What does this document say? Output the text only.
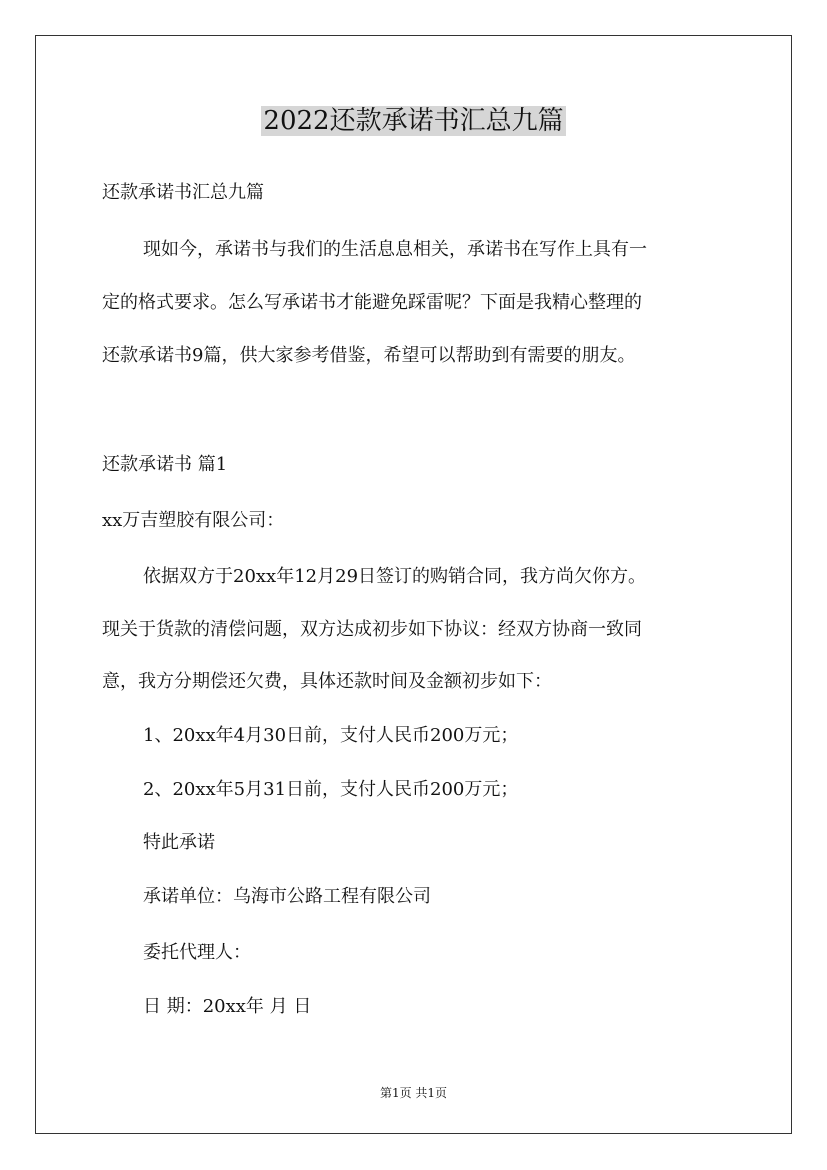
2022还款承诺书汇总九篇
还款承诺书汇总九篇
现如今，承诺书与我们的生活息息相关，承诺书在写作上具有一
定的格式要求。怎么写承诺书才能避免踩雷呢？下面是我精心整理的
还款承诺书9篇，供大家参考借鉴，希望可以帮助到有需要的朋友。
还款承诺书 篇1
xx万吉塑胶有限公司：
依据双方于20xx年12月29日签订的购销合同，我方尚欠你方。
现关于货款的清偿问题，双方达成初步如下协议：经双方协商一致同
意，我方分期偿还欠费，具体还款时间及金额初步如下：
1、20xx年4月30日前，支付人民币200万元；
2、20xx年5月31日前，支付人民币200万元；
特此承诺
承诺单位：乌海市公路工程有限公司
委托代理人：
日 期：20xx年 月 日
第1页 共1页
